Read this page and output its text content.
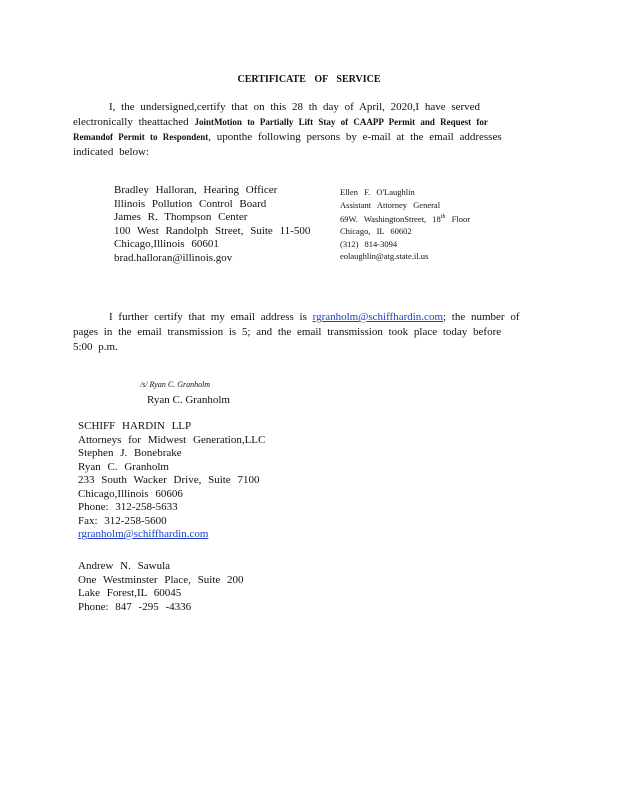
CERTIFICATE OF SERVICE
I, the undersigned,certify that on this 28 th day of April, 2020,I have served electronically theattached JointMotion to Partially Lift Stay of CAAPP Permit and Request for Remandof Permit to Respondent, uponthe following persons by e-mail at the email addresses indicated below:
Bradley Halloran, Hearing Officer
Illinois Pollution Control Board
James R. Thompson Center
100 West Randolph Street, Suite 11-500
Chicago,Illinois 60601
brad.halloran@illinois.gov
Ellen F. O'Laughlin
Assistant Attorney General
69W. WashingtonStreet, 18th Floor
Chicago, IL 60602
(312) 814-3094
eolaughlin@atg.state.il.us
I further certify that my email address is rgranholm@schiffhardin.com; the number of pages in the email transmission is 5; and the email transmission took place today before 5:00 p.m.
/s/ Ryan C. Granholm
Ryan C. Granholm
SCHIFF HARDIN LLP
Attorneys for Midwest Generation,LLC
Stephen J. Bonebrake
Ryan C. Granholm
233 South Wacker Drive, Suite 7100
Chicago,Illinois 60606
Phone: 312-258-5633
Fax: 312-258-5600
rgranholm@schiffhardin.com
Andrew N. Sawula
One Westminster Place, Suite 200
Lake Forest,IL 60045
Phone: 847 -295 -4336
